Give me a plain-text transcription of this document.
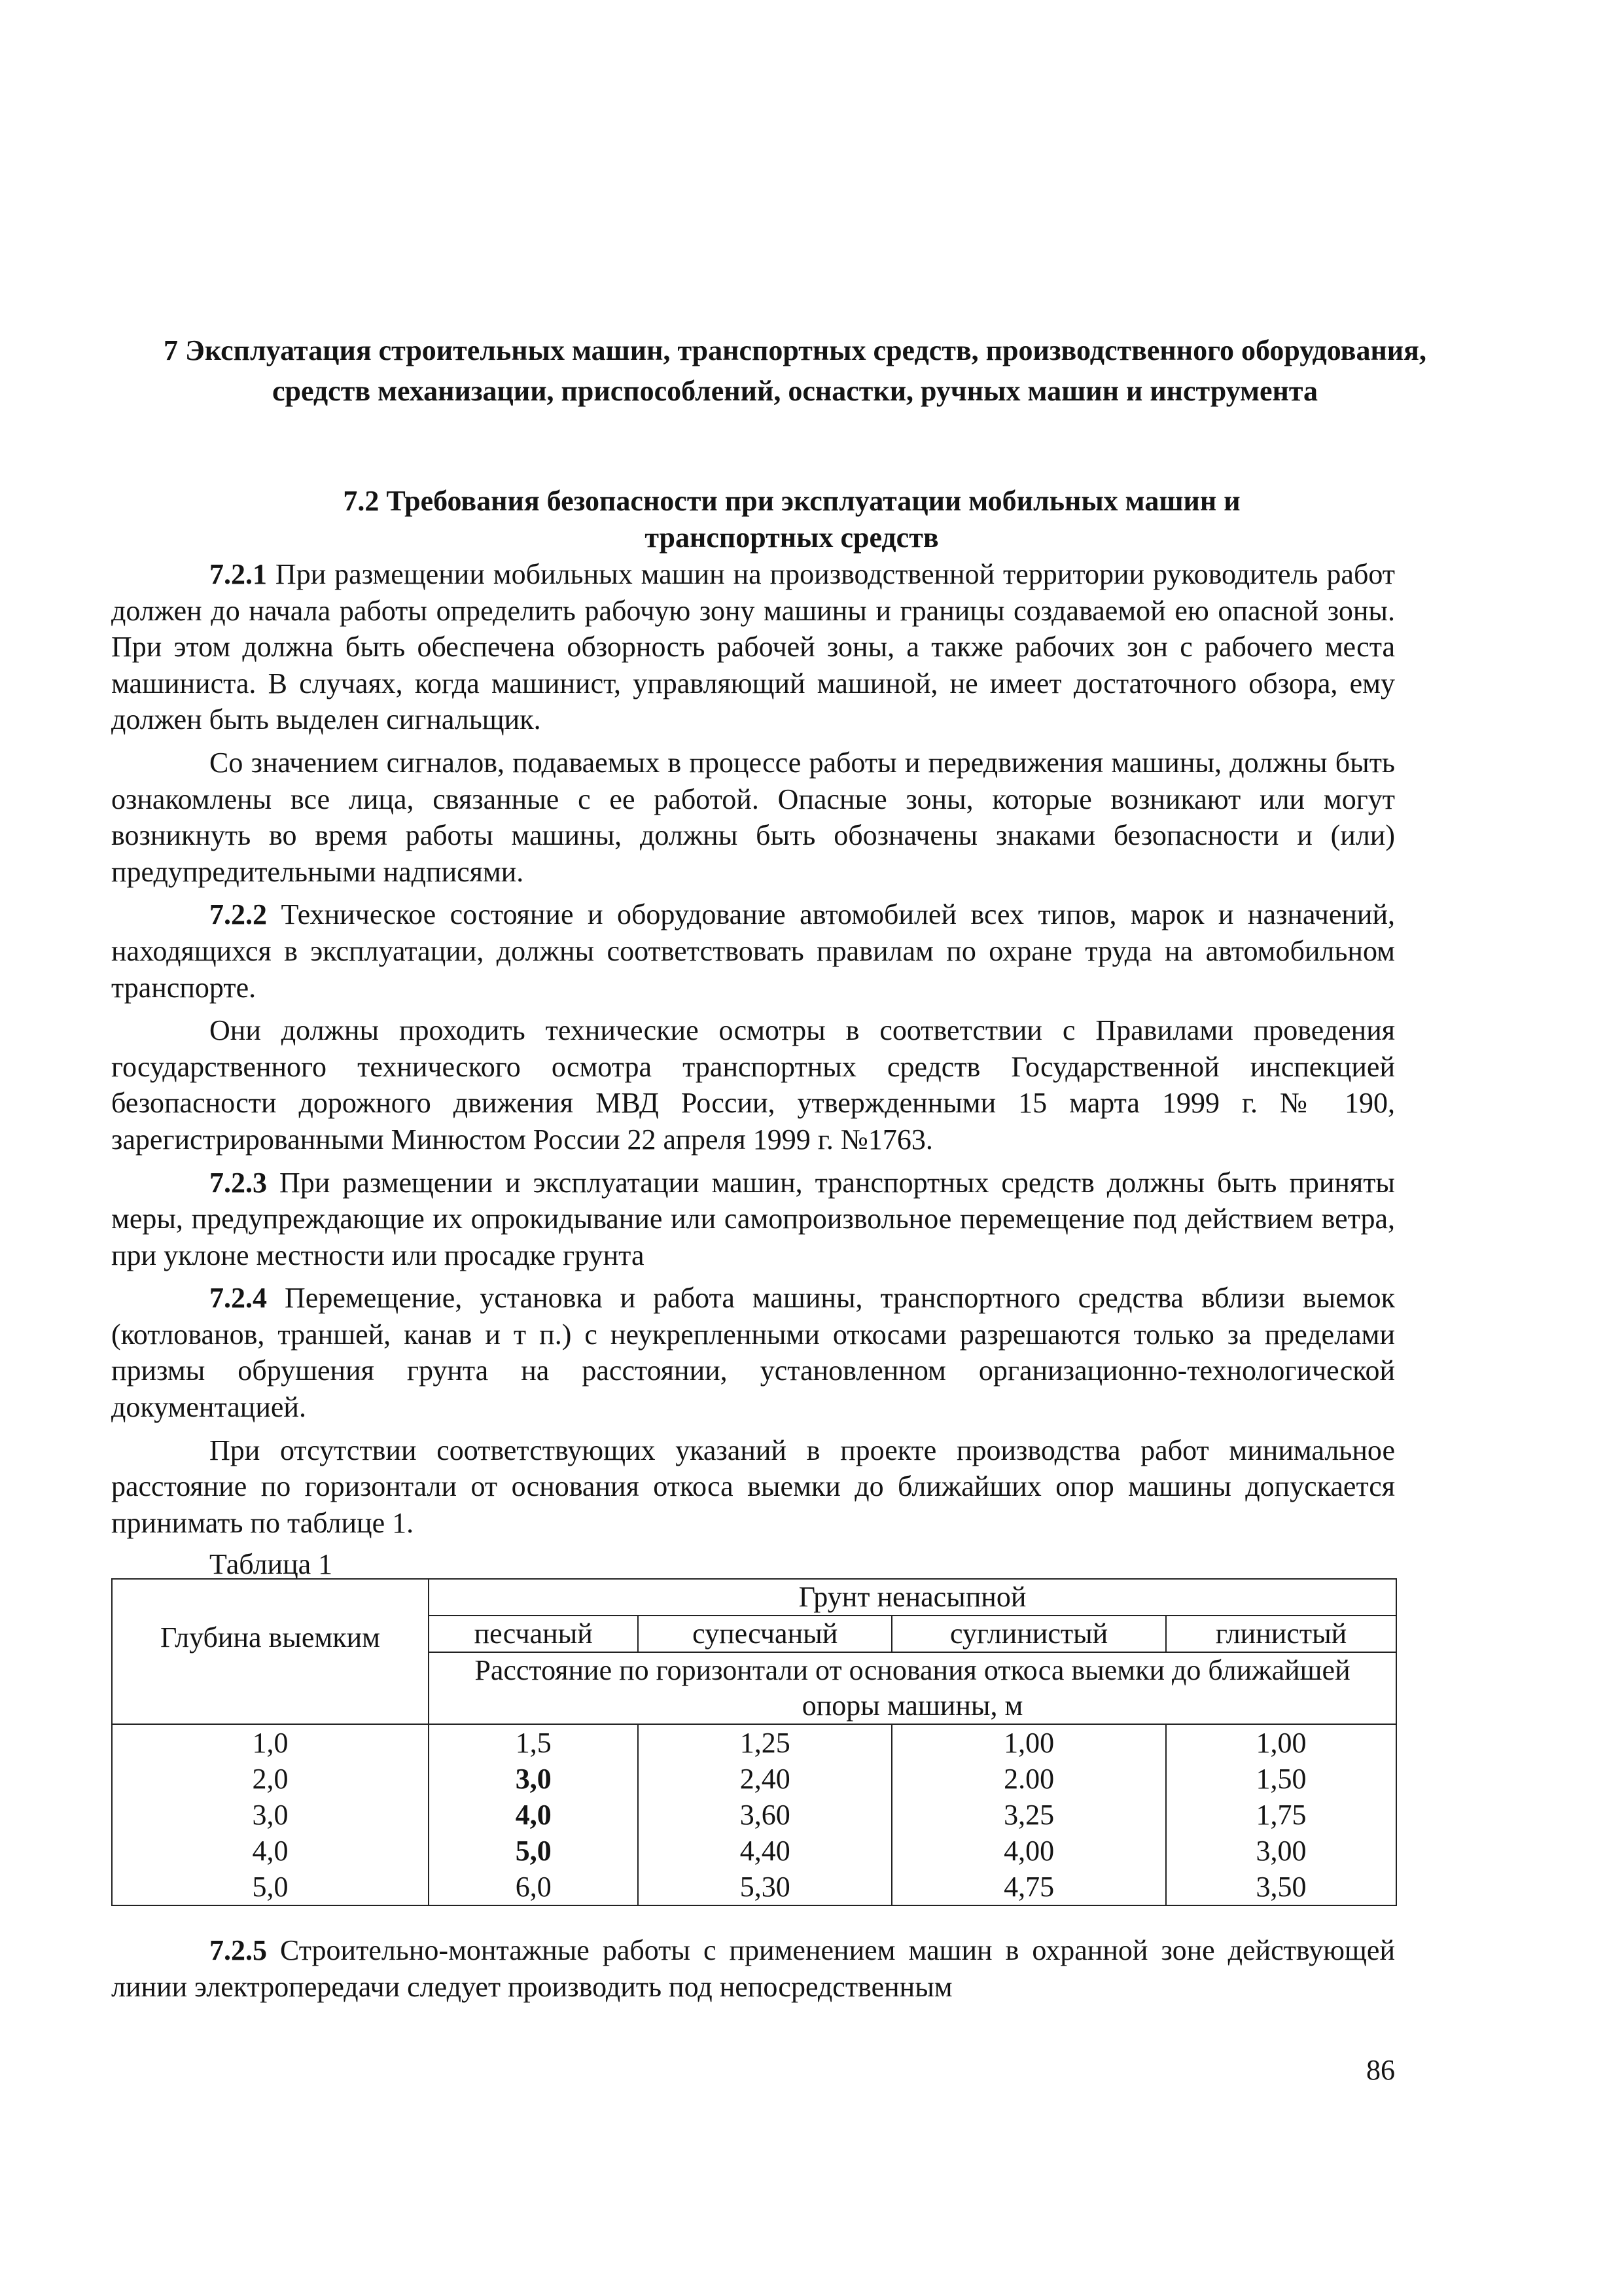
7 Эксплуатация строительных машин, транспортных средств, производственного оборудования, средств механизации, приспособлений, оснастки, ручных машин и инструмента
7.2 Требования безопасности при эксплуатации мобильных машин и транспортных средств

7.2.1 При размещении мобильных машин на производственной территории руководитель работ должен до начала работы определить рабочую зону машины и границы создаваемой ею опасной зоны. При этом должна быть обеспечена обзорность рабочей зоны, а также рабочих зон с рабочего места машиниста. В случаях, когда машинист, управляющий машиной, не имеет достаточного обзора, ему должен быть выделен сигнальщик.

Со значением сигналов, подаваемых в процессе работы и передвижения машины, должны быть ознакомлены все лица, связанные с ее работой. Опасные зоны, которые возникают или могут возникнуть во время работы машины, должны быть обозначены знаками безопасности и (или) предупредительными надписями.

7.2.2 Техническое состояние и оборудование автомобилей всех типов, марок и назначений, находящихся в эксплуатации, должны соответствовать правилам по охране труда на автомобильном транспорте.

Они должны проходить технические осмотры в соответствии с Правилами проведения государственного технического осмотра транспортных средств Государственной инспекцией безопасности дорожного движения МВД России, утвержденными 15 марта 1999 г. № 190, зарегистрированными Минюстом России 22 апреля 1999 г. №1763.

7.2.3 При размещении и эксплуатации машин, транспортных средств должны быть приняты меры, предупреждающие их опрокидывание или самопроизвольное перемещение под действием ветра, при уклоне местности или просадке грунта

7.2.4 Перемещение, установка и работа машины, транспортного средства вблизи выемок (котлованов, траншей, канав и т п.) с неукрепленными откосами разрешаются только за пределами призмы обрушения грунта на расстоянии, установленном организационно-технологической документацией.

При отсутствии соответствующих указаний в проекте производства работ минимальное расстояние по горизонтали от основания откоса выемки до ближайших опор машины допускается принимать по таблице 1.

Таблица 1
Глубина выемким	Грунт ненасыпной			
	песчаный	супесчаный	суглинистый	глинистый
	Расстояние по горизонтали от основания откоса выемки до ближайшей опоры машины, м			
1,0	1,5	1,25	1,00	1,00
2,0	3,0	2,40	2.00	1,50
3,0	4,0	3,60	3,25	1,75
4,0	5,0	4,40	4,00	3,00
5,0	6,0	5,30	4,75	3,50
7.2.5 Строительно-монтажные работы с применением машин в охранной зоне действующей линии электропередачи следует производить под непосредственным
86
